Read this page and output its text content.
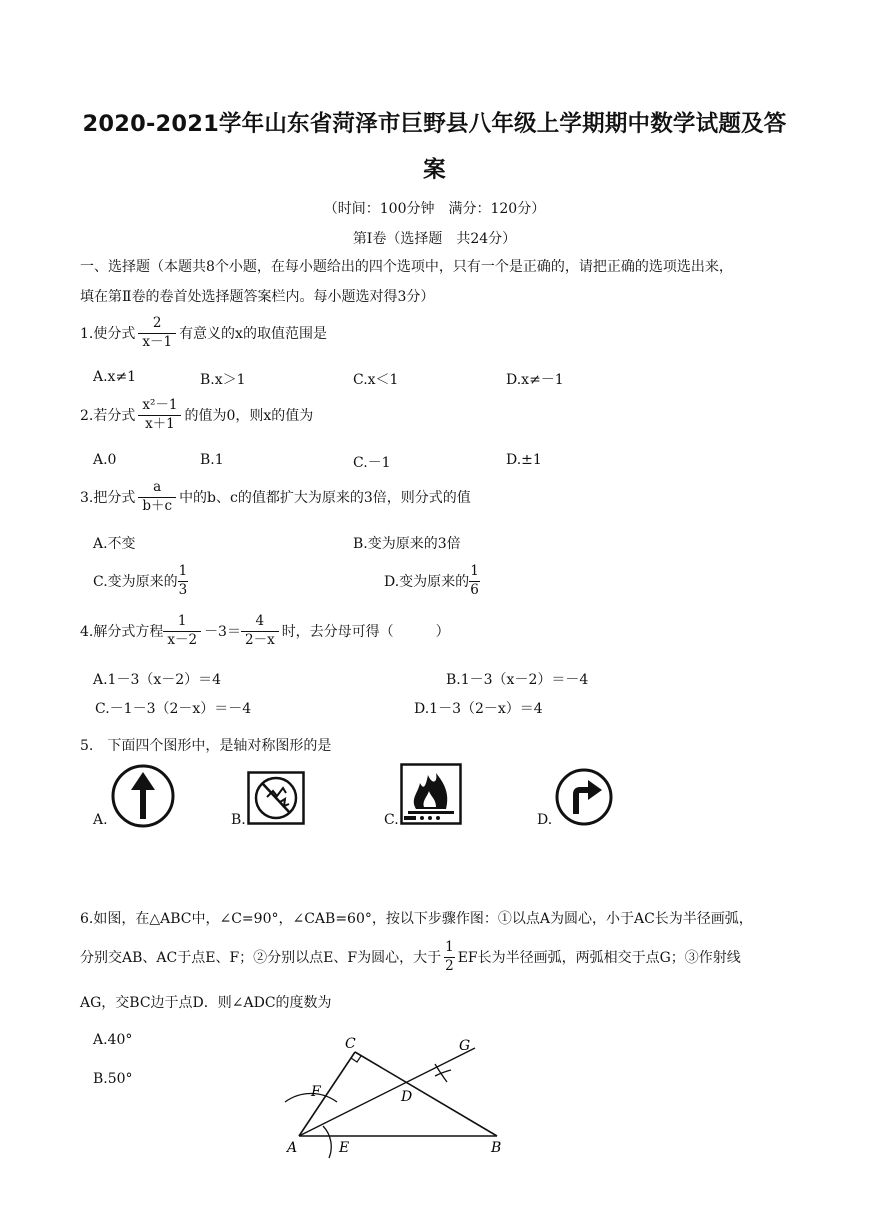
2020-2021学年山东省菏泽市巨野县八年级上学期期中数学试题及答
案
（时间：100分钟　满分：120分）
第Ⅰ卷（选择题　共24分）
一、选择题（本题共8个小题，在每小题给出的四个选项中，只有一个是正确的，请把正确的选项选出来，
填在第Ⅱ卷的卷首处选择题答案栏内。每小题选对得3分）
1.使分式 $\frac{2}{x-1}$ 有意义的x的取值范围是
A.x≠1	B.x＞1	C.x＜1	D.x≠－1
2.若分式 $\frac{\text{x²－1}}{x+1}$ 的值为0，则x的值为
A.0	B.1	C.－1	D.±1
3.把分式 $\frac{a}{b+c}$ 中的b、c的值都扩大为原来的3倍，则分式的值
A.不变	B.变为原来的3倍
C.变为原来的 $\frac{1}{3}$	D.变为原来的 $\frac{1}{6}$
4.解分式方程 $\frac{1}{x-2} -3= \frac{4}{2-x}$ 时，去分母可得（　　　）
A.1－3（x－2）＝4	B.1－3（x－2）＝－4
C.－1－3（2－x）＝－4	D.1－3（2－x）＝4
5.　下面四个图形中，是轴对称图形的是
A.	B.	C.	D.
6.如图，在△ABC中，∠C=90°，∠CAB=60°，按以下步骤作图：①以点A为圆心，小于AC长为半径画弧，
分别交AB、AC于点E、F；②分别以点E、F为圆心，大于 $\frac{1}{2}$ EF长为半径画弧，两弧相交于点G；③作射线
AG，交BC边于点D．则∠ADC的度数为
A.40°
B.50°
A	B
C
D
E
F
G
